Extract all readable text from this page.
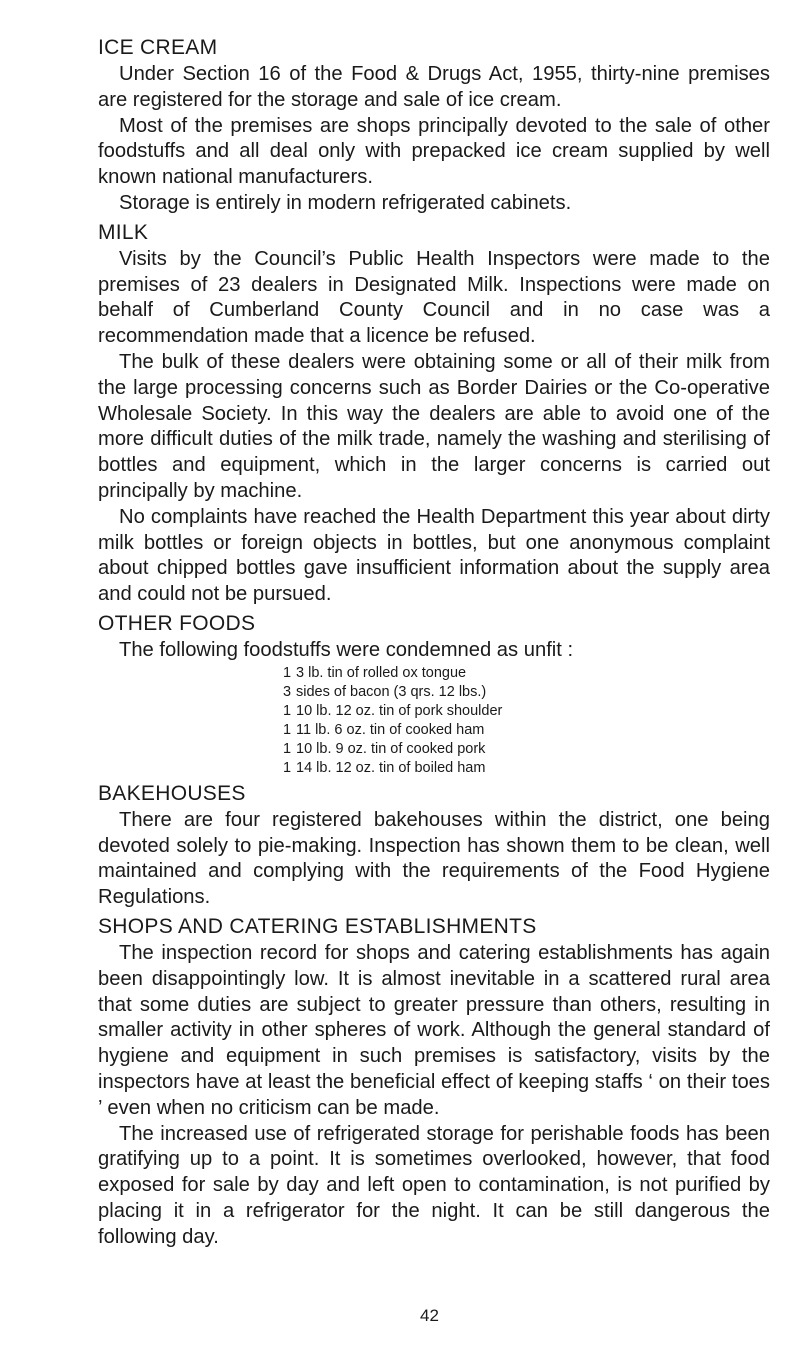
ICE CREAM

Under Section 16 of the Food & Drugs Act, 1955, thirty-nine premises are registered for the storage and sale of ice cream.

Most of the premises are shops principally devoted to the sale of other foodstuffs and all deal only with prepacked ice cream supplied by well known national manufacturers.

Storage is entirely in modern refrigerated cabinets.

MILK

Visits by the Council’s Public Health Inspectors were made to the premises of 23 dealers in Designated Milk. Inspections were made on behalf of Cumberland County Council and in no case was a recommendation made that a licence be refused.

The bulk of these dealers were obtaining some or all of their milk from the large processing concerns such as Border Dairies or the Co-operative Wholesale Society. In this way the dealers are able to avoid one of the more difficult duties of the milk trade, namely the washing and sterilising of bottles and equipment, which in the larger concerns is carried out principally by machine.

No complaints have reached the Health Department this year about dirty milk bottles or foreign objects in bottles, but one anonymous complaint about chipped bottles gave insufficient information about the supply area and could not be pursued.

OTHER FOODS

The following foodstuffs were condemned as unfit :

1 3 lb. tin of rolled ox tongue
3 sides of bacon (3 qrs. 12 lbs.)
1 10 lb. 12 oz. tin of pork shoulder
1 11 lb. 6 oz. tin of cooked ham
1 10 lb. 9 oz. tin of cooked pork
1 14 lb. 12 oz. tin of boiled ham
BAKEHOUSES

There are four registered bakehouses within the district, one being devoted solely to pie-making. Inspection has shown them to be clean, well maintained and complying with the requirements of the Food Hygiene Regulations.

SHOPS AND CATERING ESTABLISHMENTS

The inspection record for shops and catering establishments has again been disappointingly low. It is almost inevitable in a scattered rural area that some duties are subject to greater pressure than others, resulting in smaller activity in other spheres of work. Although the general standard of hygiene and equipment in such premises is satisfactory, visits by the inspectors have at least the beneficial effect of keeping staffs ‘ on their toes ’ even when no criticism can be made.

The increased use of refrigerated storage for perishable foods has been gratifying up to a point. It is sometimes overlooked, however, that food exposed for sale by day and left open to contamination, is not purified by placing it in a refrigerator for the night. It can be still dangerous the following day.

42
